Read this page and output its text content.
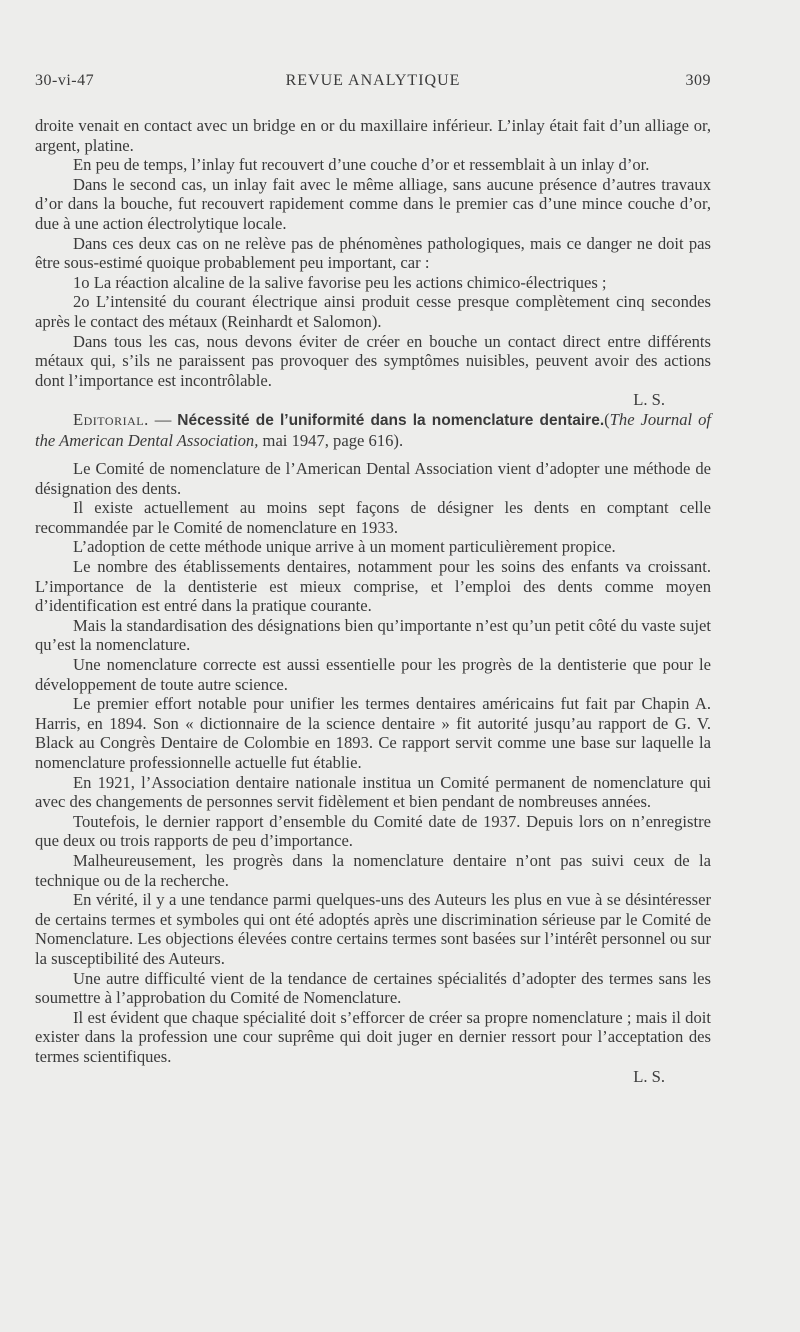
30-vi-47	REVUE ANALYTIQUE	309

droite venait en contact avec un bridge en or du maxillaire inférieur. L’inlay était fait d’un alliage or, argent, platine.

En peu de temps, l’inlay fut recouvert d’une couche d’or et ressemblait à un inlay d’or.

Dans le second cas, un inlay fait avec le même alliage, sans aucune présence d’autres travaux d’or dans la bouche, fut recouvert rapidement comme dans le premier cas d’une mince couche d’or, due à une action électrolytique locale.

Dans ces deux cas on ne relève pas de phénomènes pathologiques, mais ce danger ne doit pas être sous-estimé quoique probablement peu important, car :

1o La réaction alcaline de la salive favorise peu les actions chimico-électriques ;

2o L’intensité du courant électrique ainsi produit cesse presque complètement cinq secondes après le contact des métaux (Reinhardt et Salomon).

Dans tous les cas, nous devons éviter de créer en bouche un contact direct entre différents métaux qui, s’ils ne paraissent pas provoquer des symptômes nuisibles, peuvent avoir des actions dont l’importance est incontrôlable.

L. S.

Editorial. — Nécessité de l’uniformité dans la nomenclature dentaire.(The Journal of the American Dental Association, mai 1947, page 616).

Le Comité de nomenclature de l’American Dental Association vient d’adopter une méthode de désignation des dents.

Il existe actuellement au moins sept façons de désigner les dents en comptant celle recommandée par le Comité de nomenclature en 1933.

L’adoption de cette méthode unique arrive à un moment particulièrement propice.

Le nombre des établissements dentaires, notamment pour les soins des enfants va croissant. L’importance de la dentisterie est mieux comprise, et l’emploi des dents comme moyen d’identification est entré dans la pratique courante.

Mais la standardisation des désignations bien qu’importante n’est qu’un petit côté du vaste sujet qu’est la nomenclature.

Une nomenclature correcte est aussi essentielle pour les progrès de la dentisterie que pour le développement de toute autre science.

Le premier effort notable pour unifier les termes dentaires américains fut fait par Chapin A. Harris, en 1894. Son « dictionnaire de la science dentaire » fit autorité jusqu’au rapport de G. V. Black au Congrès Dentaire de Colombie en 1893. Ce rapport servit comme une base sur laquelle la nomenclature professionnelle actuelle fut établie.

En 1921, l’Association dentaire nationale institua un Comité permanent de nomenclature qui avec des changements de personnes servit fidèlement et bien pendant de nombreuses années.

Toutefois, le dernier rapport d’ensemble du Comité date de 1937. Depuis lors on n’enregistre que deux ou trois rapports de peu d’importance.

Malheureusement, les progrès dans la nomenclature dentaire n’ont pas suivi ceux de la technique ou de la recherche.

En vérité, il y a une tendance parmi quelques-uns des Auteurs les plus en vue à se désintéresser de certains termes et symboles qui ont été adoptés après une discrimination sérieuse par le Comité de Nomenclature. Les objections élevées contre certains termes sont basées sur l’intérêt personnel ou sur la susceptibilité des Auteurs.

Une autre difficulté vient de la tendance de certaines spécialités d’adopter des termes sans les soumettre à l’approbation du Comité de Nomenclature.

Il est évident que chaque spécialité doit s’efforcer de créer sa propre nomenclature ; mais il doit exister dans la profession une cour suprême qui doit juger en dernier ressort pour l’acceptation des termes scientifiques.

L. S.
